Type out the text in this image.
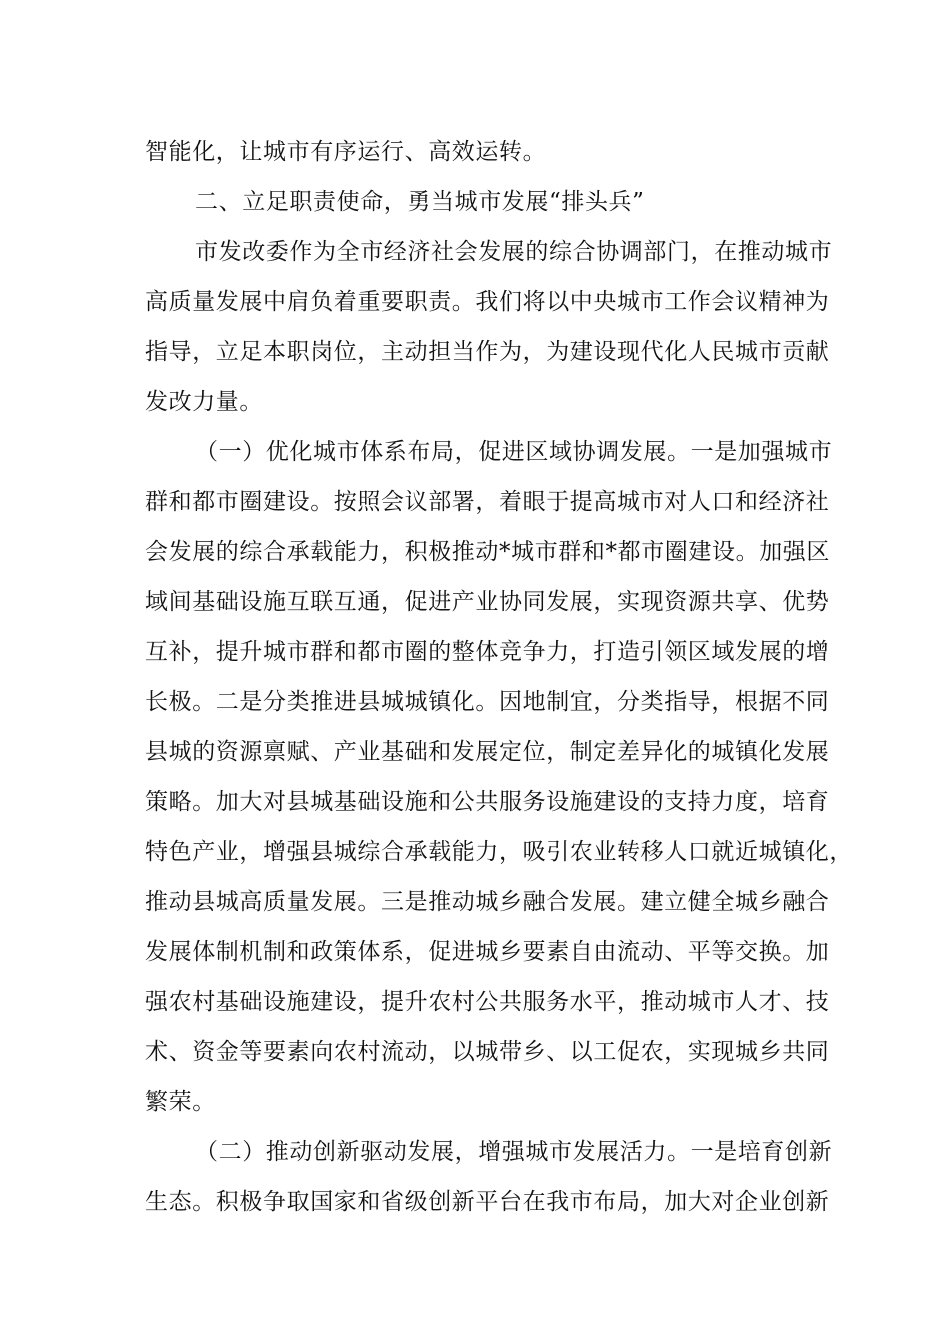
智能化，让城市有序运行、高效运转。
二、立足职责使命，勇当城市发展“排头兵”
市发改委作为全市经济社会发展的综合协调部门，在推动城市
高质量发展中肩负着重要职责。我们将以中央城市工作会议精神为
指导，立足本职岗位，主动担当作为，为建设现代化人民城市贡献
发改力量。
（一）优化城市体系布局，促进区域协调发展。一是加强城市
群和都市圈建设。按照会议部署，着眼于提高城市对人口和经济社
会发展的综合承载能力，积极推动*城市群和*都市圈建设。加强区
域间基础设施互联互通，促进产业协同发展，实现资源共享、优势
互补，提升城市群和都市圈的整体竞争力，打造引领区域发展的增
长极。二是分类推进县城城镇化。因地制宜，分类指导，根据不同
县城的资源禀赋、产业基础和发展定位，制定差异化的城镇化发展
策略。加大对县城基础设施和公共服务设施建设的支持力度，培育
特色产业，增强县城综合承载能力，吸引农业转移人口就近城镇化，
推动县城高质量发展。三是推动城乡融合发展。建立健全城乡融合
发展体制机制和政策体系，促进城乡要素自由流动、平等交换。加
强农村基础设施建设，提升农村公共服务水平，推动城市人才、技
术、资金等要素向农村流动，以城带乡、以工促农，实现城乡共同
繁荣。
（二）推动创新驱动发展，增强城市发展活力。一是培育创新
生态。积极争取国家和省级创新平台在我市布局，加大对企业创新
